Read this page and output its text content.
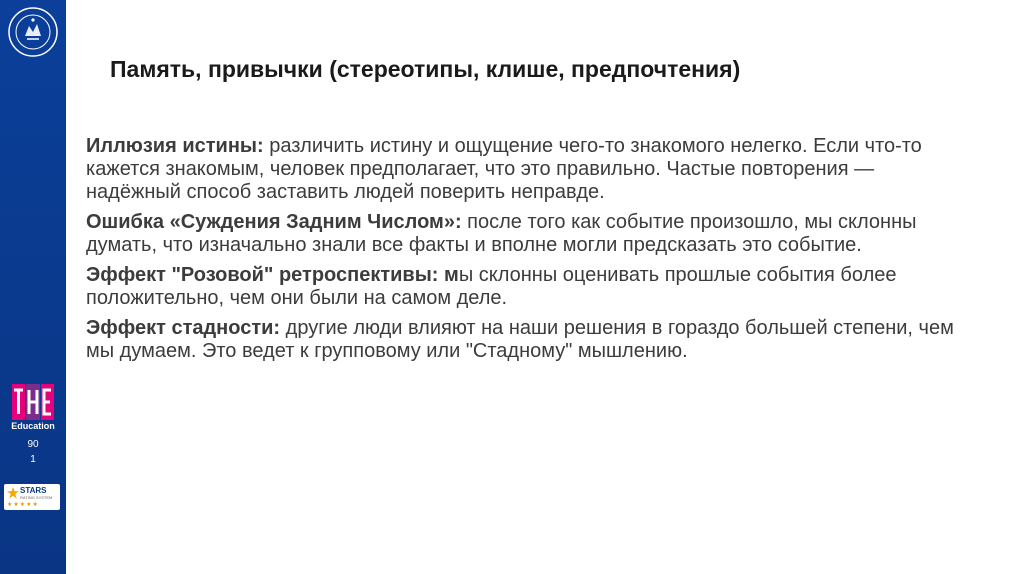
Education
90
1
STARS
RATING SYSTEM
★★★★★
Память, привычки (стереотипы, клише, предпочтения)

Иллюзия истины: различить истину и ощущение чего-то знакомого нелегко. Если что-то кажется знакомым, человек предполагает, что это правильно. Частые повторения — надёжный способ заставить людей поверить неправде.

Ошибка «Суждения Задним Числом»: после того как событие произошло, мы склонны думать, что изначально знали все факты и вполне могли предсказать это событие.

Эффект "Розовой" ретроспективы: мы склонны оценивать прошлые события более положительно, чем они были на самом деле.

Эффект стадности: другие люди влияют на наши решения в гораздо большей степени, чем мы думаем. Это ведет к групповому или "Стадному" мышлению.
